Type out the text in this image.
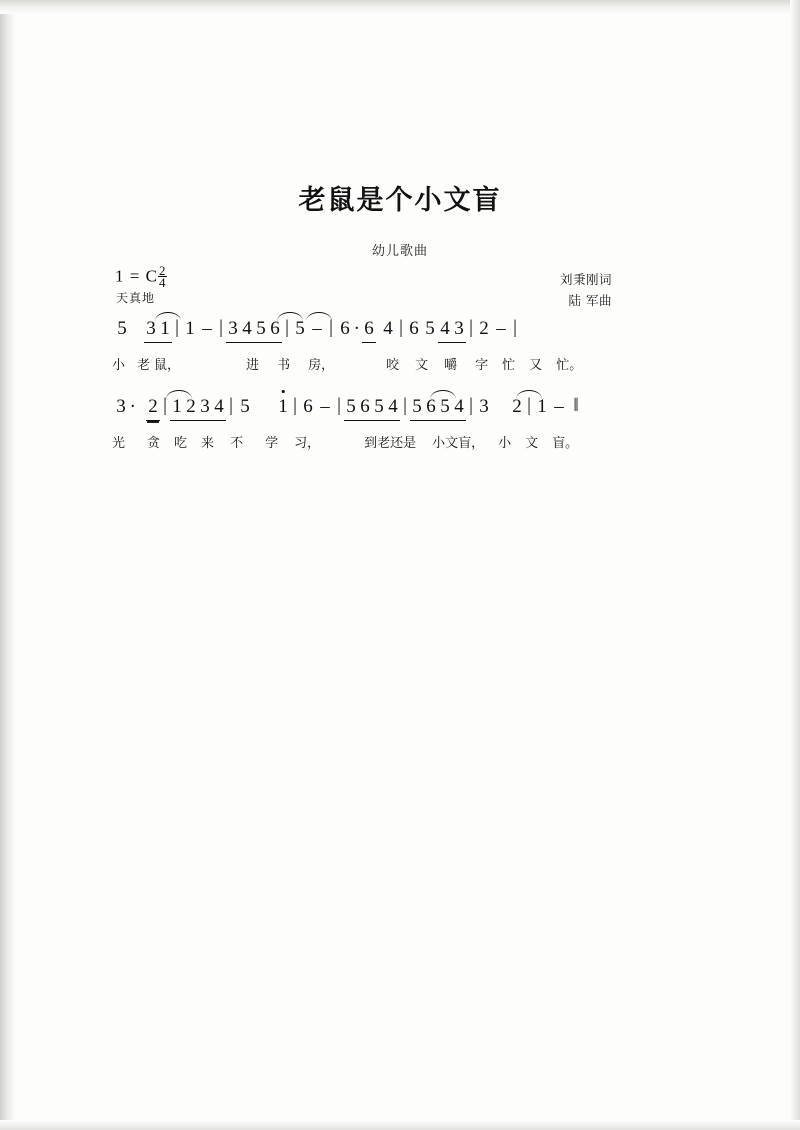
老鼠是个小文盲
幼儿歌曲
1 = C $\frac{2}{4}$
天真地
刘秉刚词
陆 军曲
5 3 1 | 1 – | 3 4 5 6 | 5 – | 6 · 6 4 | 6 5 4 3 | 2 – |
小 老 鼠，	进 书 房，	咬 文 嚼 字 忙 又 忙。
3 · 2 | 1 2 3 4 | 5 1 | 6 – | 5 6 5 4 | 5 6 5 4 | 3 2 | 1 – ‖
光 贪 吃 来 不 学 习，	到老还是 小文盲， 小 文 盲。
